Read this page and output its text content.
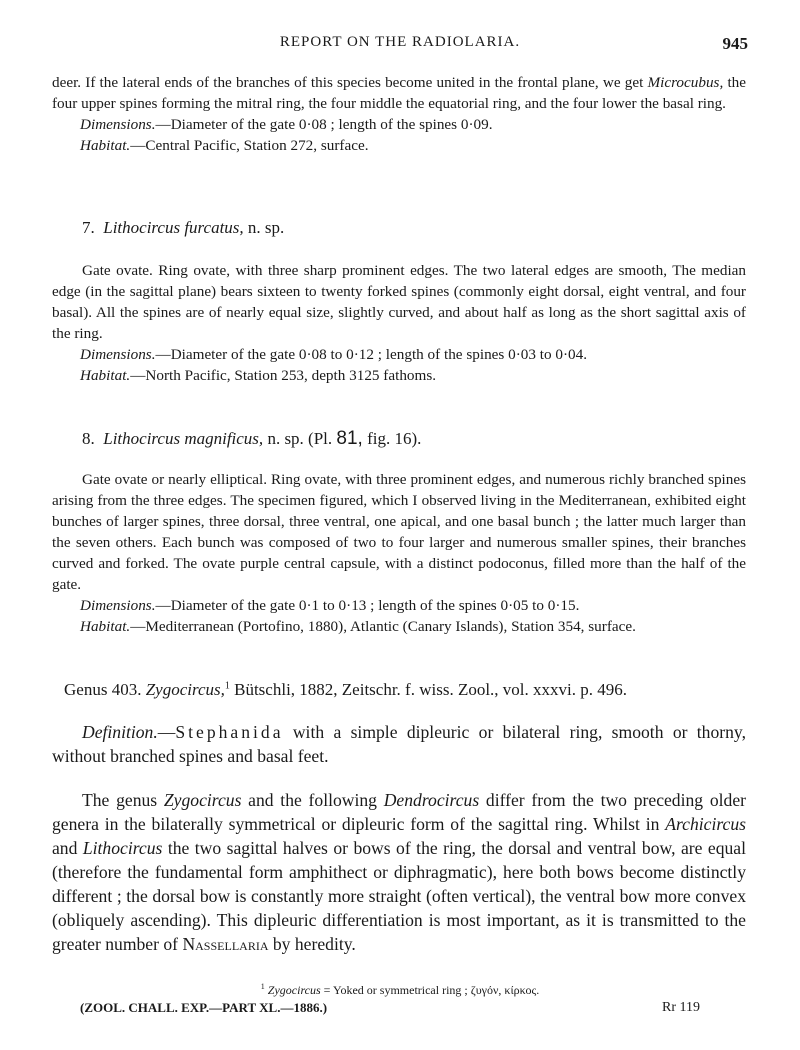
REPORT ON THE RADIOLARIA.	945

deer. If the lateral ends of the branches of this species become united in the frontal plane, we get Microcubus, the four upper spines forming the mitral ring, the four middle the equatorial ring, and the four lower the basal ring.

Dimensions.—Diameter of the gate 0·08 ; length of the spines 0·09.

Habitat.—Central Pacific, Station 272, surface.

7. Lithocircus furcatus, n. sp.

Gate ovate. Ring ovate, with three sharp prominent edges. The two lateral edges are smooth, The median edge (in the sagittal plane) bears sixteen to twenty forked spines (commonly eight dorsal, eight ventral, and four basal). All the spines are of nearly equal size, slightly curved, and about half as long as the short sagittal axis of the ring.

Dimensions.—Diameter of the gate 0·08 to 0·12 ; length of the spines 0·03 to 0·04.

Habitat.—North Pacific, Station 253, depth 3125 fathoms.

8. Lithocircus magnificus, n. sp. (Pl. 81, fig. 16).

Gate ovate or nearly elliptical. Ring ovate, with three prominent edges, and numerous richly branched spines arising from the three edges. The specimen figured, which I observed living in the Mediterranean, exhibited eight bunches of larger spines, three dorsal, three ventral, one apical, and one basal bunch ; the latter much larger than the seven others. Each bunch was composed of two to four larger and numerous smaller spines, their branches curved and forked. The ovate purple central capsule, with a distinct podoconus, filled more than the half of the gate.

Dimensions.—Diameter of the gate 0·1 to 0·13 ; length of the spines 0·05 to 0·15.

Habitat.—Mediterranean (Portofino, 1880), Atlantic (Canary Islands), Station 354, surface.

Genus 403. Zygocircus,$^1$ Bütschli, 1882, Zeitschr. f. wiss. Zool., vol. xxxvi. p. 496.

Definition.—Stephanida with a simple dipleuric or bilateral ring, smooth or thorny, without branched spines and basal feet.

The genus Zygocircus and the following Dendrocircus differ from the two preceding older genera in the bilaterally symmetrical or dipleuric form of the sagittal ring. Whilst in Archicircus and Lithocircus the two sagittal halves or bows of the ring, the dorsal and ventral bow, are equal (therefore the fundamental form amphithect or diphragmatic), here both bows become distinctly different ; the dorsal bow is constantly more straight (often vertical), the ventral bow more convex (obliquely ascending). This dipleuric differentiation is most important, as it is transmitted to the greater number of Nassellaria by heredity.

$^1$ Zygocircus = Yoked or symmetrical ring ; ζυγόν, κίρκος.
(ZOOL. CHALL. EXP.—PART XL.—1886.)	Rr 119
